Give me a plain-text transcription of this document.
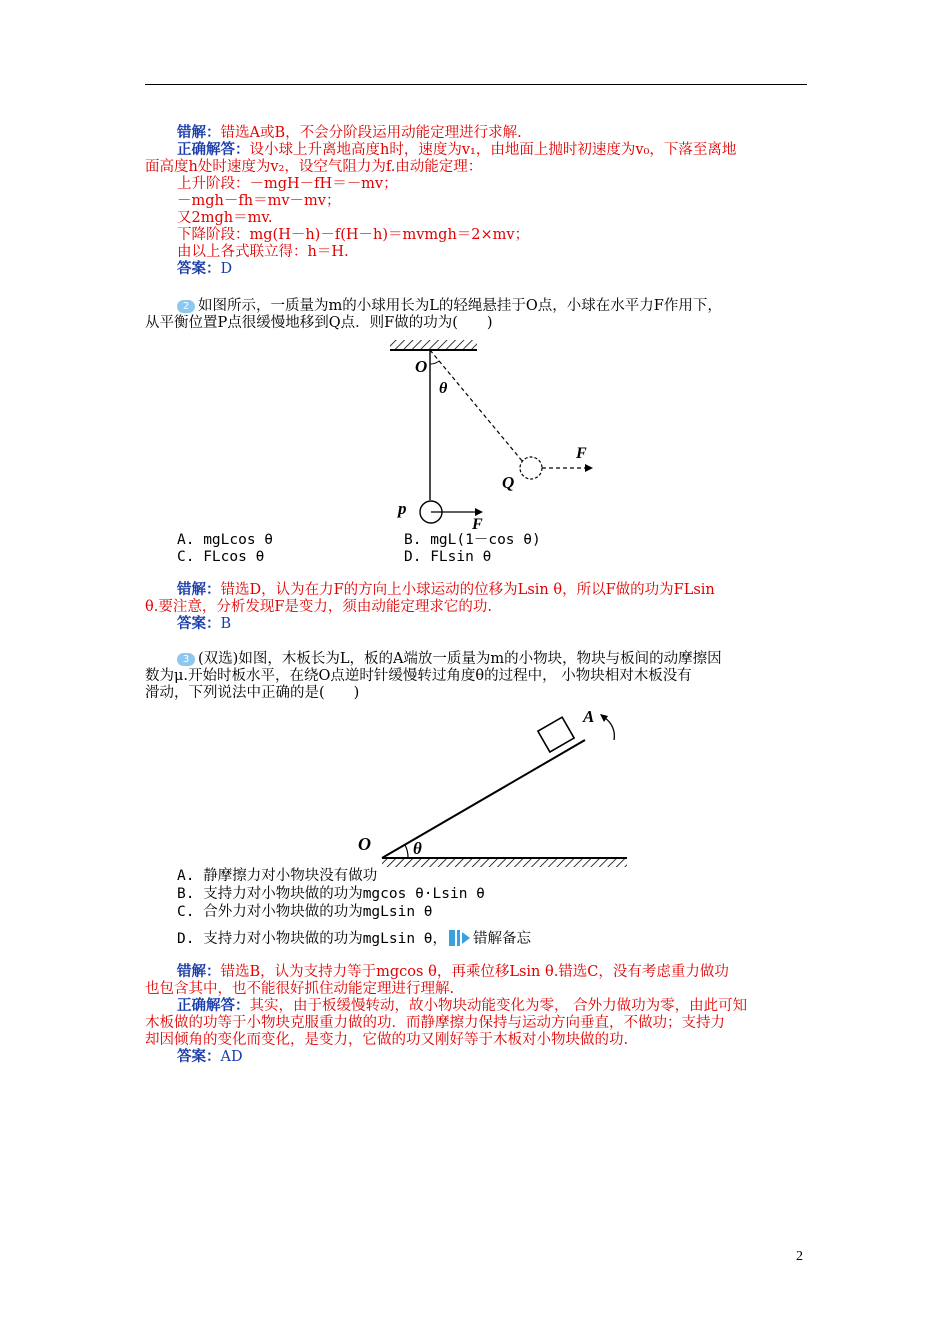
错解：错选A或B，不会分阶段运用动能定理进行求解.
正确解答：设小球上升离地高度h时，速度为v₁，由地面上抛时初速度为v₀，下落至离地
面高度h处时速度为v₂，设空气阻力为f.由动能定理：
上升阶段：－mgH－fH＝－mv；
－mgh－fh＝mv－mv；
又2mgh＝mv.
下降阶段：mg(H－h)－f(H－h)＝mvmgh＝2×mv；
由以上各式联立得：h＝H.
答案：D
2 如图所示，一质量为m的小球用长为L的轻绳悬挂于O点，小球在水平力F作用下，
从平衡位置P点很缓慢地移到Q点．则F做的功为(　　)
O
θ
Q
F
p
F
A. mgLcos θ	B. mgL(1－cos θ)
C. FLcos θ	D. FLsin θ
错解：错选D，认为在力F的方向上小球运动的位移为Lsin θ，所以F做的功为FLsin
θ.要注意，分析发现F是变力，须由动能定理求它的功.
答案：B
3 (双选)如图，木板长为L，板的A端放一质量为m的小物块，物块与板间的动摩擦因
数为μ.开始时板水平，在绕O点逆时针缓慢转过角度θ的过程中， 小物块相对木板没有
滑动，下列说法中正确的是(　　)
A
O θ
A. 静摩擦力对小物块没有做功
B. 支持力对小物块做的功为mgcos θ·Lsin θ
C. 合外力对小物块做的功为mgLsin θ
D. 支持力对小物块做的功为mgLsin θ， 错解备忘
错解：错选B，认为支持力等于mgcos θ，再乘位移Lsin θ.错选C，没有考虑重力做功
也包含其中，也不能很好抓住动能定理进行理解.
正确解答：其实，由于板缓慢转动，故小物块动能变化为零， 合外力做功为零，由此可知
木板做的功等于小物块克服重力做的功．而静摩擦力保持与运动方向垂直，不做功；支持力
却因倾角的变化而变化，是变力，它做的功又刚好等于木板对小物块做的功.
答案：AD
2
